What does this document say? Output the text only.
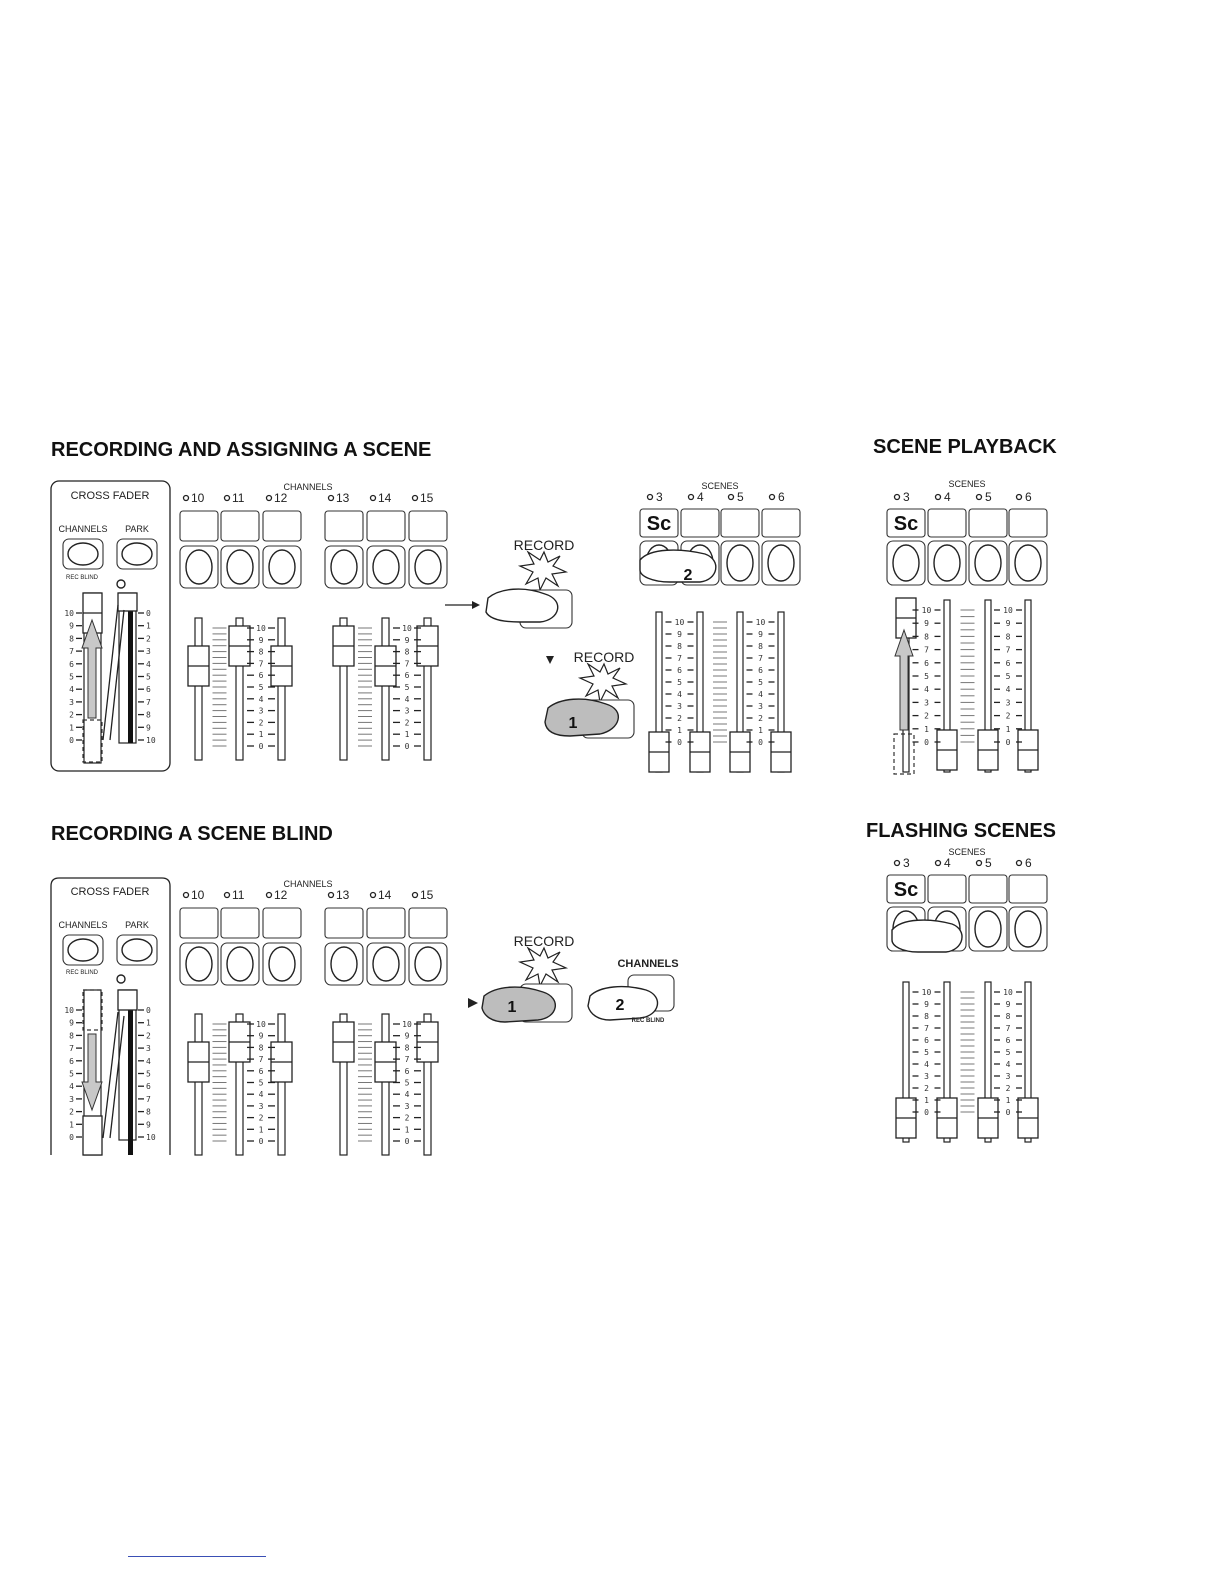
RECORDING AND ASSIGNING A SCENE	SCENE PLAYBACK
RECORDING A SCENE BLIND	FLASHING SCENES
CROSS FADER
CHANNELS PARK
REC BLIND
10
9
8
7
6
5
4
3
2
1
0
0
1
2
3
4
5
6
7
8
9
10
CHANNELS
10 11 12	13 14 15
10
9
8
7
6
5
4
3
2
1
0
10
9
8
7
6
5
4
3
2
1
0
RECORD
RECORD
1
SCENES
3	4	5	6
Sc
10
9
8
7
6
5
4
3
2
1
0
10
9
8
7
6
5
4
3
2
1
0
2
SCENES
3	4	5	6
Sc
10
9
8
7
6
5
4
3
2
1
0
10
9
8
7
6
5
4
3
2
1
0
CROSS FADER
CHANNELS PARK
REC BLIND
10
9
8
7
6
5
4
3
2
1
0
0
1
2
3
4
5
6
7
8
9
10
CHANNELS
10 11 12	13 14 15
10
9
8
7
6
5
4
3
2
1
0
10
9
8
7
6
5
4
3
2
1
0
RECORD
1
CHANNELS
2
REC BLIND
SCENES
3	4	5	6
Sc
10
9
8
7
6
5
4
3
2
1
0
10
9
8
7
6
5
4
3
2
1
0
